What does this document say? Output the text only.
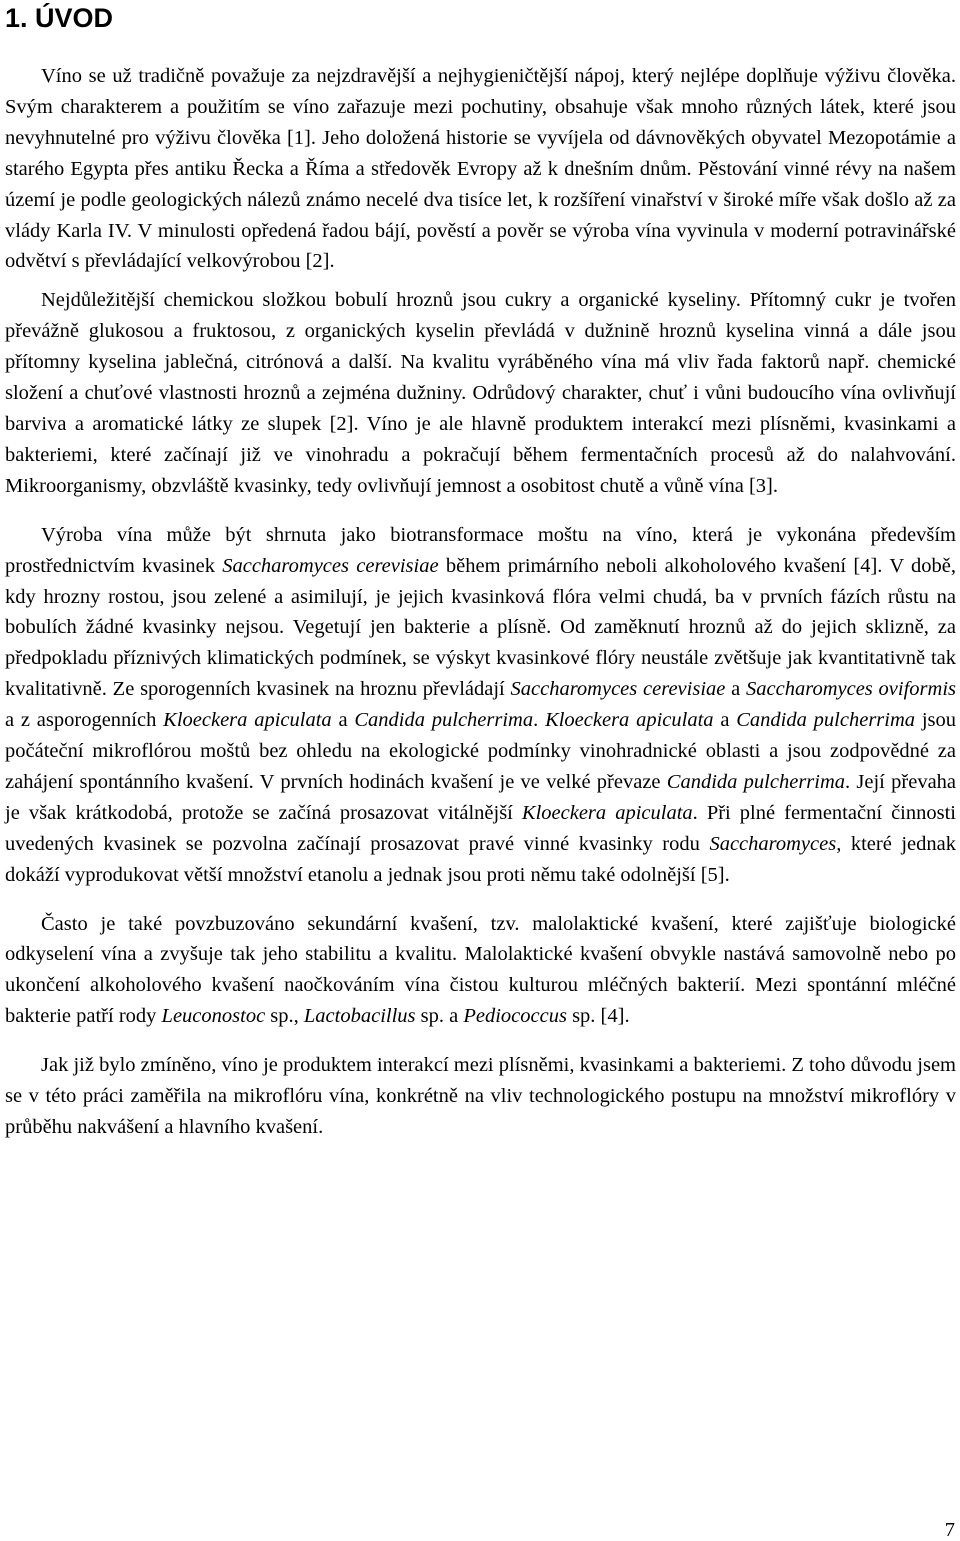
1. ÚVOD

Víno se už tradičně považuje za nejzdravější a nejhygieničtější nápoj, který nejlépe doplňuje výživu člověka. Svým charakterem a použitím se víno zařazuje mezi pochutiny, obsahuje však mnoho různých látek, které jsou nevyhnutelné pro výživu člověka [1]. Jeho doložená historie se vyvíjela od dávnověkých obyvatel Mezopotámie a starého Egypta přes antiku Řecka a Říma a středověk Evropy až k dnešním dnům. Pěstování vinné révy na našem území je podle geologických nálezů známo necelé dva tisíce let, k rozšíření vinařství v široké míře však došlo až za vlády Karla IV. V minulosti opředená řadou bájí, pověstí a pověr se výroba vína vyvinula v moderní potravinářské odvětví s převládající velkovýrobou [2].

Nejdůležitější chemickou složkou bobulí hroznů jsou cukry a organické kyseliny. Přítomný cukr je tvořen převážně glukosou a fruktosou, z organických kyselin převládá v dužnině hroznů kyselina vinná a dále jsou přítomny kyselina jablečná, citrónová a další. Na kvalitu vyráběného vína má vliv řada faktorů např. chemické složení a chuťové vlastnosti hroznů a zejména dužniny. Odrůdový charakter, chuť i vůni budoucího vína ovlivňují barviva a aromatické látky ze slupek [2]. Víno je ale hlavně produktem interakcí mezi plísněmi, kvasinkami a bakteriemi, které začínají již ve vinohradu a pokračují během fermentačních procesů až do nalahvování. Mikroorganismy, obzvláště kvasinky, tedy ovlivňují jemnost a osobitost chutě a vůně vína [3].

Výroba vína může být shrnuta jako biotransformace moštu na víno, která je vykonána především prostřednictvím kvasinek Saccharomyces cerevisiae během primárního neboli alkoholového kvašení [4]. V době, kdy hrozny rostou, jsou zelené a asimilují, je jejich kvasinková flóra velmi chudá, ba v prvních fázích růstu na bobulích žádné kvasinky nejsou. Vegetují jen bakterie a plísně. Od zaměknutí hroznů až do jejich sklizně, za předpokladu příznivých klimatických podmínek, se výskyt kvasinkové flóry neustále zvětšuje jak kvantitativně tak kvalitativně. Ze sporogenních kvasinek na hroznu převládají Saccharomyces cerevisiae a Saccharomyces oviformis a z asporogenních Kloeckera apiculata a Candida pulcherrima. Kloeckera apiculata a Candida pulcherrima jsou počáteční mikroflórou moštů bez ohledu na ekologické podmínky vinohradnické oblasti a jsou zodpovědné za zahájení spontánního kvašení. V prvních hodinách kvašení je ve velké převaze Candida pulcherrima. Její převaha je však krátkodobá, protože se začíná prosazovat vitálnější Kloeckera apiculata. Při plné fermentační činnosti uvedených kvasinek se pozvolna začínají prosazovat pravé vinné kvasinky rodu Saccharomyces, které jednak dokáží vyprodukovat větší množství etanolu a jednak jsou proti němu také odolnější [5].

Často je také povzbuzováno sekundární kvašení, tzv. malolaktické kvašení, které zajišťuje biologické odkyselení vína a zvyšuje tak jeho stabilitu a kvalitu. Malolaktické kvašení obvykle nastává samovolně nebo po ukončení alkoholového kvašení naočkováním vína čistou kulturou mléčných bakterií. Mezi spontánní mléčné bakterie patří rody Leuconostoc sp., Lactobacillus sp. a Pediococcus sp. [4].

Jak již bylo zmíněno, víno je produktem interakcí mezi plísněmi, kvasinkami a bakteriemi. Z toho důvodu jsem se v této práci zaměřila na mikroflóru vína, konkrétně na vliv technologického postupu na množství mikroflóry v průběhu nakvášení a hlavního kvašení.

7
